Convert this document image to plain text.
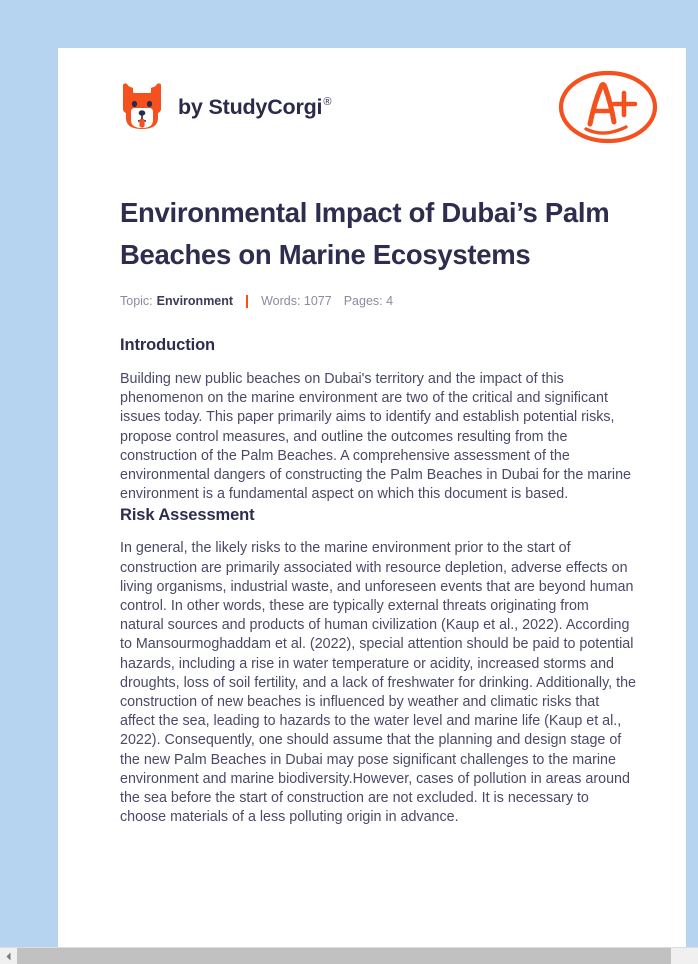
by StudyCorgi®
Environmental Impact of Dubai’s Palm Beaches on Marine Ecosystems
Topic: Environment Words: 1077 Pages: 4
Introduction

Building new public beaches on Dubai's territory and the impact of this phenomenon on the marine environment are two of the critical and significant issues today. This paper primarily aims to identify and establish potential risks, propose control measures, and outline the outcomes resulting from the construction of the Palm Beaches. A comprehensive assessment of the environmental dangers of constructing the Palm Beaches in Dubai for the marine environment is a fundamental aspect on which this document is based.

Risk Assessment

In general, the likely risks to the marine environment prior to the start of construction are primarily associated with resource depletion, adverse effects on living organisms, industrial waste, and unforeseen events that are beyond human control. In other words, these are typically external threats originating from natural sources and products of human civilization (Kaup et al., 2022). According to Mansourmoghaddam et al. (2022), special attention should be paid to potential hazards, including a rise in water temperature or acidity, increased storms and droughts, loss of soil fertility, and a lack of freshwater for drinking. Additionally, the construction of new beaches is influenced by weather and climatic risks that affect the sea, leading to hazards to the water level and marine life (Kaup et al., 2022). Consequently, one should assume that the planning and design stage of the new Palm Beaches in Dubai may pose significant challenges to the marine environment and marine biodiversity.However, cases of pollution in areas around the sea before the start of construction are not excluded. It is necessary to choose materials of a less polluting origin in advance.
